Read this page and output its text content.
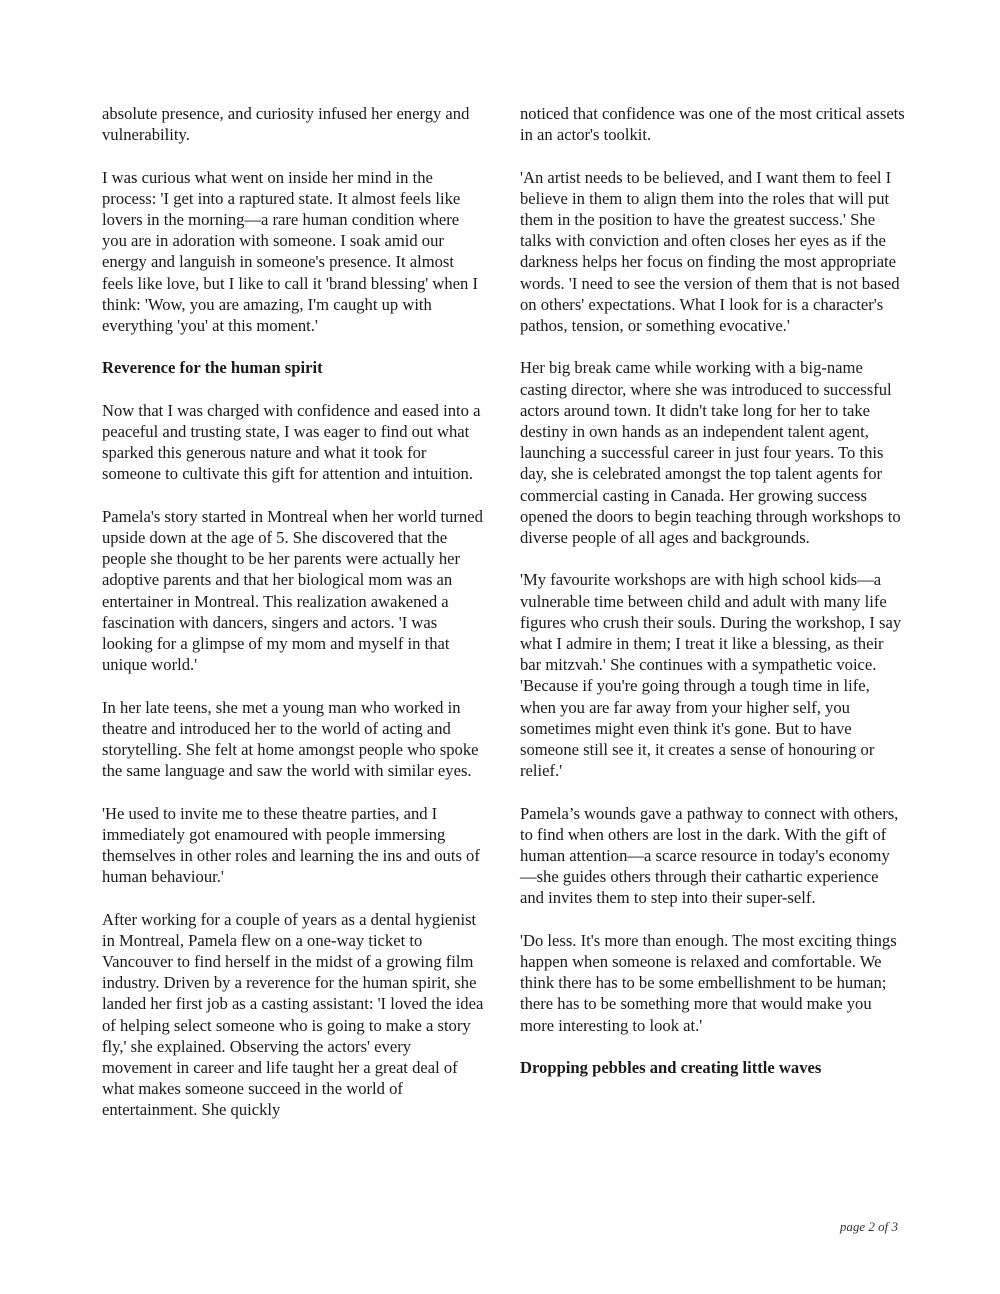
absolute presence, and curiosity infused her energy and vulnerability.

I was curious what went on inside her mind in the process: 'I get into a raptured state. It almost feels like lovers in the morning—a rare human condition where you are in adoration with someone. I soak amid our energy and languish in someone's presence. It almost feels like love, but I like to call it 'brand blessing' when I think: 'Wow, you are amazing, I'm caught up with everything 'you' at this moment.'

Reverence for the human spirit

Now that I was charged with confidence and eased into a peaceful and trusting state, I was eager to find out what sparked this generous nature and what it took for someone to cultivate this gift for attention and intuition.

Pamela's story started in Montreal when her world turned upside down at the age of 5. She discovered that the people she thought to be her parents were actually her adoptive parents and that her biological mom was an entertainer in Montreal. This realization awakened a fascination with dancers, singers and actors. 'I was looking for a glimpse of my mom and myself in that unique world.'

In her late teens, she met a young man who worked in theatre and introduced her to the world of acting and storytelling. She felt at home amongst people who spoke the same language and saw the world with similar eyes.

'He used to invite me to these theatre parties, and I immediately got enamoured with people immersing themselves in other roles and learning the ins and outs of human behaviour.'

After working for a couple of years as a dental hygienist in Montreal, Pamela flew on a one-way ticket to Vancouver to find herself in the midst of a growing film industry. Driven by a reverence for the human spirit, she landed her first job as a casting assistant: 'I loved the idea of helping select someone who is going to make a story fly,' she explained. Observing the actors' every movement in career and life taught her a great deal of what makes someone succeed in the world of entertainment. She quickly

noticed that confidence was one of the most critical assets in an actor's toolkit.

'An artist needs to be believed, and I want them to feel I believe in them to align them into the roles that will put them in the position to have the greatest success.' She talks with conviction and often closes her eyes as if the darkness helps her focus on finding the most appropriate words. 'I need to see the version of them that is not based on others' expectations. What I look for is a character's pathos, tension, or something evocative.'

Her big break came while working with a big-name casting director, where she was introduced to successful actors around town. It didn't take long for her to take destiny in own hands as an independent talent agent, launching a successful career in just four years. To this day, she is celebrated amongst the top talent agents for commercial casting in Canada. Her growing success opened the doors to begin teaching through workshops to diverse people of all ages and backgrounds.

'My favourite workshops are with high school kids—a vulnerable time between child and adult with many life figures who crush their souls. During the workshop, I say what I admire in them; I treat it like a blessing, as their bar mitzvah.' She continues with a sympathetic voice. 'Because if you're going through a tough time in life, when you are far away from your higher self, you sometimes might even think it's gone. But to have someone still see it, it creates a sense of honouring or relief.'

Pamela’s wounds gave a pathway to connect with others, to find when others are lost in the dark. With the gift of human attention—a scarce resource in today's economy—she guides others through their cathartic experience and invites them to step into their super-self.

'Do less. It's more than enough. The most exciting things happen when someone is relaxed and comfortable. We think there has to be some embellishment to be human; there has to be something more that would make you more interesting to look at.'

Dropping pebbles and creating little waves
page 2 of 3
